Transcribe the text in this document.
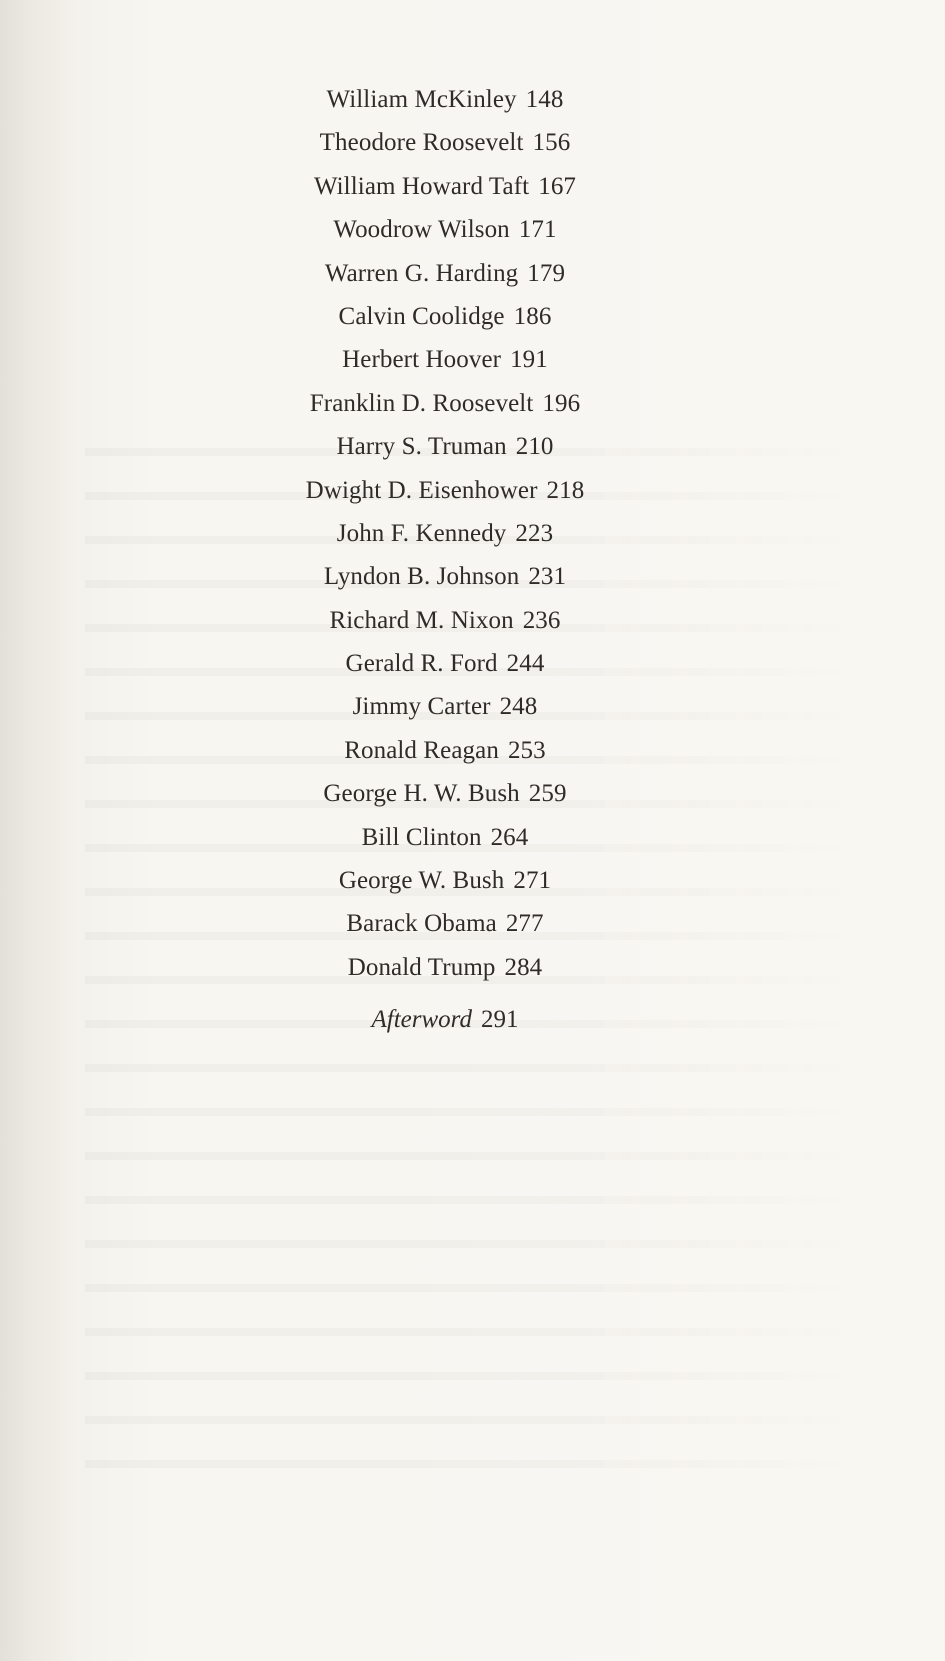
William McKinley 148
Theodore Roosevelt 156
William Howard Taft 167
Woodrow Wilson 171
Warren G. Harding 179
Calvin Coolidge 186
Herbert Hoover 191
Franklin D. Roosevelt 196
Harry S. Truman 210
Dwight D. Eisenhower 218
John F. Kennedy 223
Lyndon B. Johnson 231
Richard M. Nixon 236
Gerald R. Ford 244
Jimmy Carter 248
Ronald Reagan 253
George H. W. Bush 259
Bill Clinton 264
George W. Bush 271
Barack Obama 277
Donald Trump 284
Afterword 291
